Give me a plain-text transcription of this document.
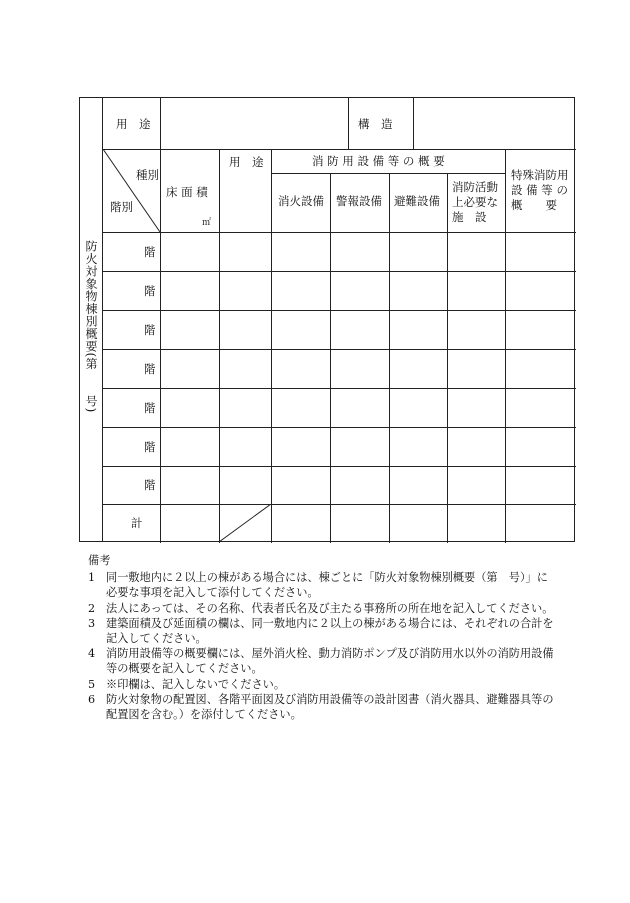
防火対象物棟別概要(第　　号)
用　途	構　造
種別
階別
床 面 積
㎡
用　途	消 防 用 設 備 等 の 概 要
消火設備 警報設備 避難設備
消防活動上必要な施　設
特殊消防用設 備 等 の概　　要
階
階
階
階
階
階
階
計
備考
1 同一敷地内に２以上の棟がある場合には、棟ごとに「防火対象物棟別概要（第　号）」に必要な事項を記入して添付してください。
2 法人にあっては、その名称、代表者氏名及び主たる事務所の所在地を記入してください。
3 建築面積及び延面積の欄は、同一敷地内に２以上の棟がある場合には、それぞれの合計を記入してください。
4 消防用設備等の概要欄には、屋外消火栓、動力消防ポンプ及び消防用水以外の消防用設備等の概要を記入してください。
5 ※印欄は、記入しないでください。
6 防火対象物の配置図、各階平面図及び消防用設備等の設計図書（消火器具、避難器具等の配置図を含む。）を添付してください。
